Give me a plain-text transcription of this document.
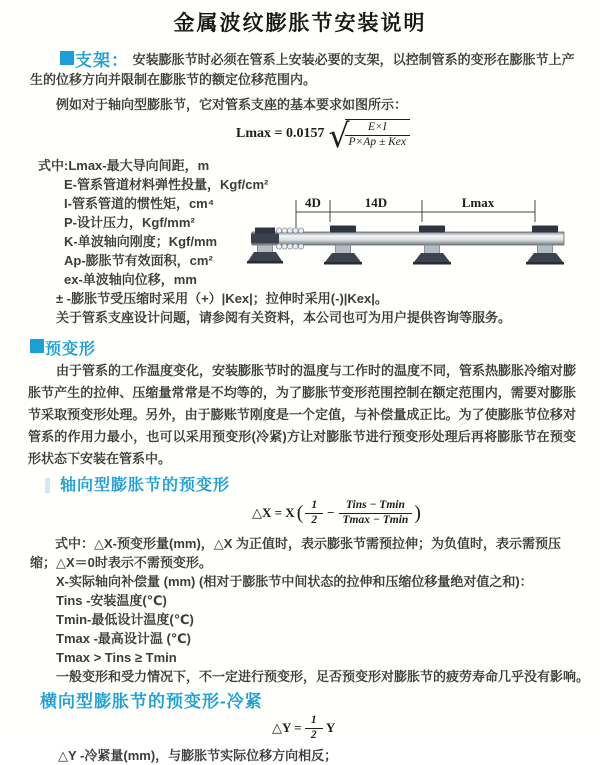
金属波纹膨胀节安装说明

支架： 安装膨胀节时必须在管系上安装必要的支架，以控制管系的变形在膨胀节上产生的位移方向并限制在膨胀节的额定位移范围内。

例如对于轴向型膨胀节，它对管系支座的基本要求如图所示：

Lmax = 0.0157 √
$\frac{E\times I}{\text{P×Ap ± Kex}}$

式中:Lmax-最大导向间距，m

E-管系管道材料弹性投量，Kgf/cm²

I-管系管道的惯性矩，cm⁴

P-设计压力，Kgf/mm²

K-单波轴向刚度；Kgf/mm

Ap-膨胀节有效面积，cm²

ex-单波轴向位移，mm

± -膨胀节受压缩时采用（+）|Kex|；拉伸时采用(-)|Kex|。

关于管系支座设计问题，请参阅有关资料，本公司也可为用户提供咨询等服务。

4D	14D	Lmax
预变形

由于管系的工作温度变化，安装膨胀节时的温度与工作时的温度不同，管系热膨胀冷缩对膨胀节产生的拉伸、压缩量常常是不均等的，为了膨胀节变形范围控制在额定范围内，需要对膨胀节采取预变形处理。另外，由于膨账节刚度是一个定值，与补偿量成正比。为了使膨胀节位移对管系的作用力最小，也可以采用预变形(冷紧)方让对膨胀节进行预变形处理后再将膨胀节在预变形状态下安装在管系中。

轴向型膨胀节的预变形
△X = X ( $\frac{1}{2} - \frac{\text{Tins − Tmin}}{Tmax - Tmin}$ )

式中：△X-预变形量(mm)，△X 为正值时，表示膨张节需预拉伸；为负值时，表示需预压缩；△X＝0时表示不需预变形。

X-实际轴向补偿量 (mm) (相对于膨胀节中间状态的拉伸和压缩位移量绝对值之和)：

Tins -安装温度(℃)

Tmin-最低设计温度(℃)

Tmax -最高设计温 (℃)

Tmax > Tins ≥ Tmin

一般变形和受力情况下，不一定进行预变形，足否预变形对膨胀节的疲劳寿命几乎没有影响。

横向型膨胀节的预变形-冷紧
△Y =
$\frac{1}{2}$
Y

△Y -冷紧量(mm)，与膨胀节实际位移方向相反；
